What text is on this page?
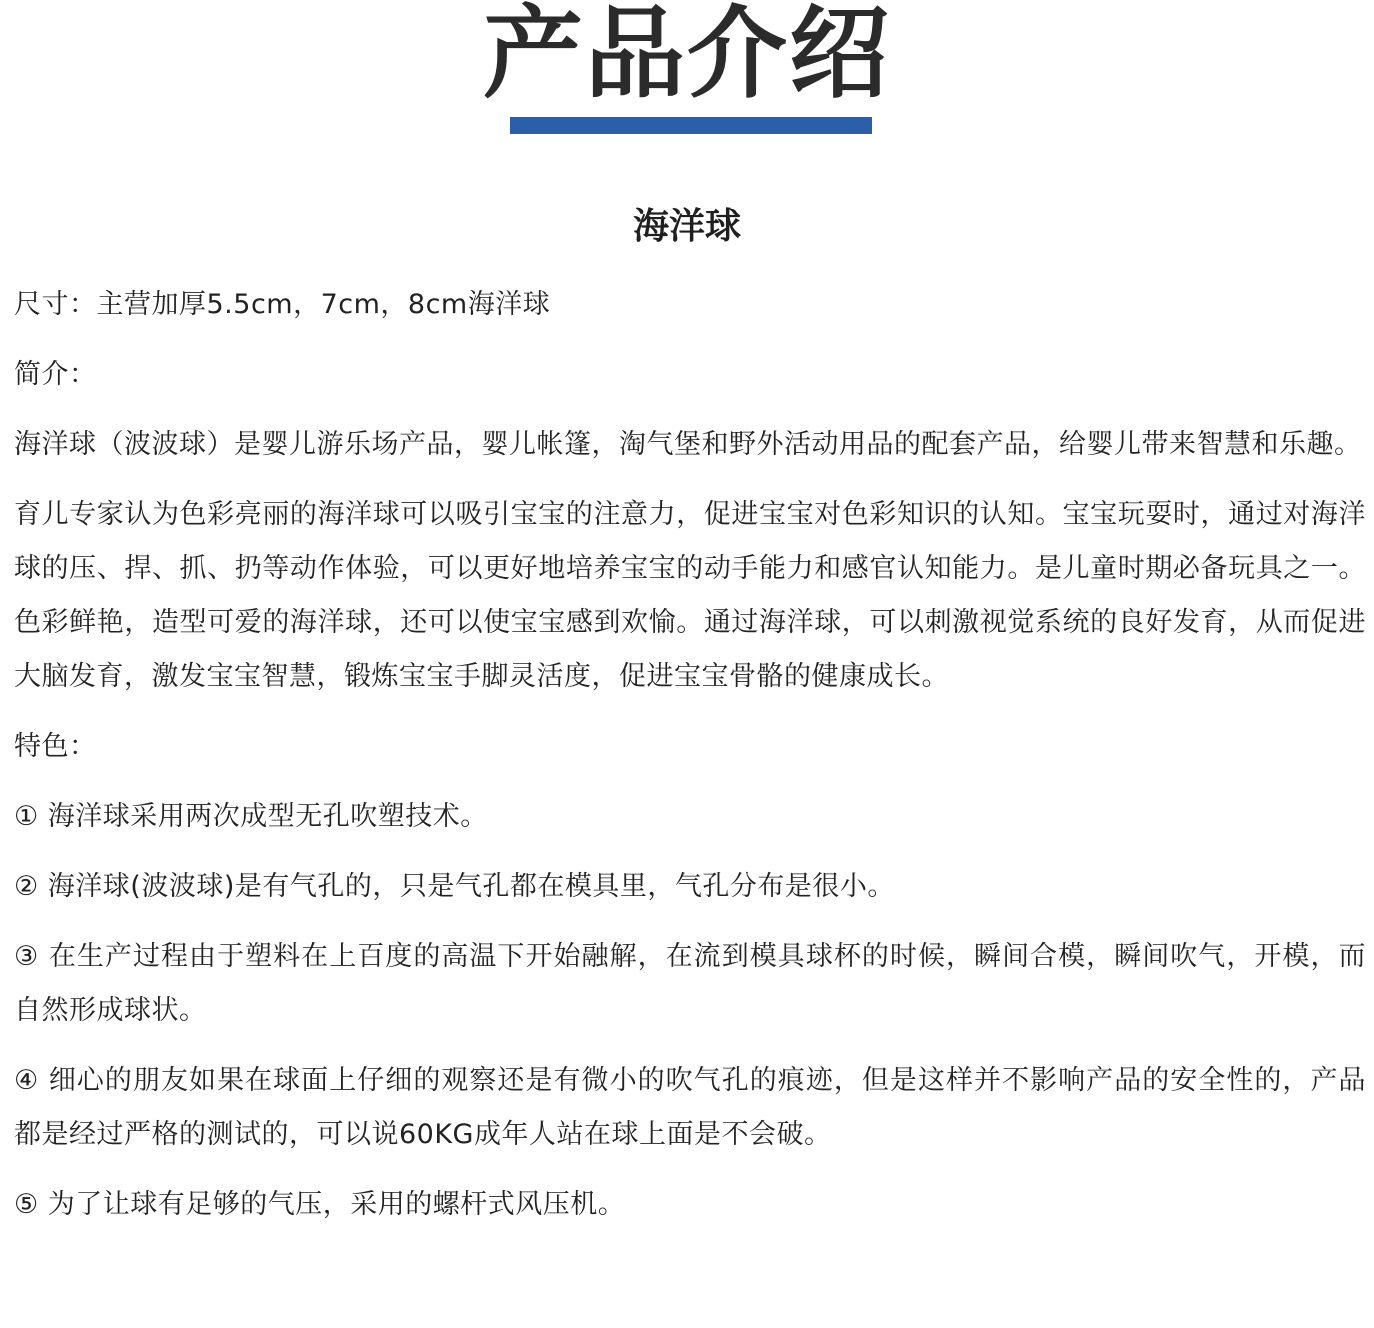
产品介绍
海洋球

尺寸：主营加厚5.5cm，7cm，8cm海洋球

简介：

海洋球（波波球）是婴儿游乐场产品，婴儿帐篷，淘气堡和野外活动用品的配套产品，给婴儿带来智慧和乐趣。

育儿专家认为色彩亮丽的海洋球可以吸引宝宝的注意力，促进宝宝对色彩知识的认知。宝宝玩耍时，通过对海洋球的压、捍、抓、扔等动作体验，可以更好地培养宝宝的动手能力和感官认知能力。是儿童时期必备玩具之一。色彩鲜艳，造型可爱的海洋球，还可以使宝宝感到欢愉。通过海洋球，可以刺激视觉系统的良好发育，从而促进大脑发育，激发宝宝智慧，锻炼宝宝手脚灵活度，促进宝宝骨骼的健康成长。

特色：

① 海洋球采用两次成型无孔吹塑技术。

② 海洋球(波波球)是有气孔的，只是气孔都在模具里，气孔分布是很小。

③ 在生产过程由于塑料在上百度的高温下开始融解，在流到模具球杯的时候，瞬间合模，瞬间吹气，开模，而自然形成球状。

④ 细心的朋友如果在球面上仔细的观察还是有微小的吹气孔的痕迹，但是这样并不影响产品的安全性的，产品都是经过严格的测试的，可以说60KG成年人站在球上面是不会破。

⑤ 为了让球有足够的气压，采用的螺杆式风压机。
